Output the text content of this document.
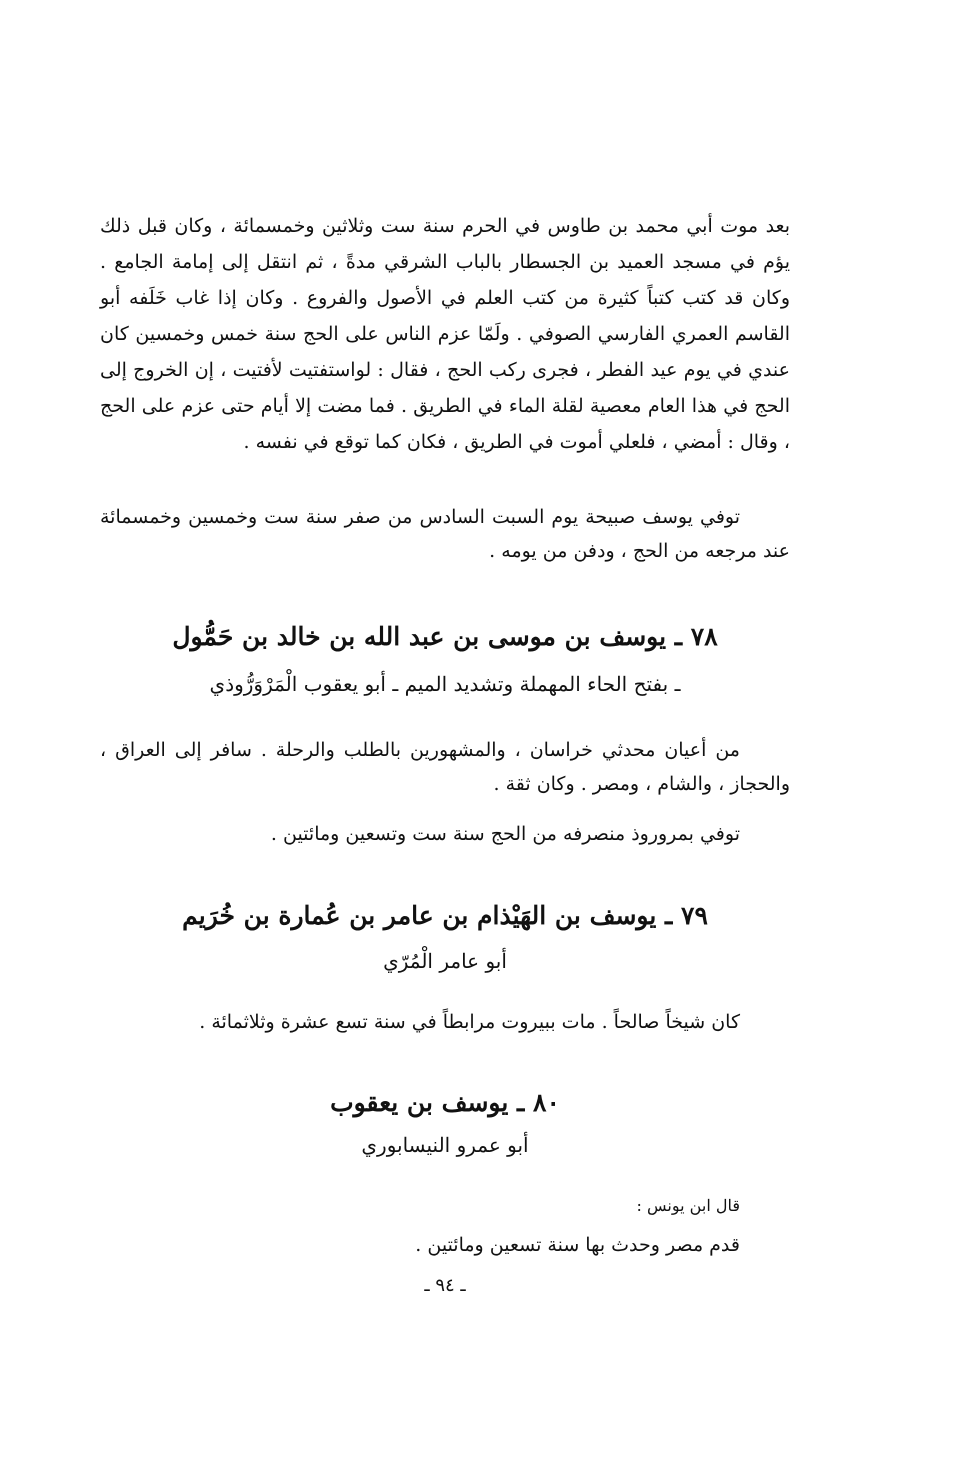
بعد موت أبي محمد بن طاوس في الحرم سنة ست وثلاثين وخمسمائة ، وكان قبل ذلك يؤم في مسجد العميد بن الجسطار بالباب الشرقي مدةً ، ثم انتقل إلى إمامة الجامع . وكان قد كتب كتباً كثيرة من كتب العلم في الأصول والفروع . وكان إذا غاب خَلَفه أبو القاسم العمري الفارسي الصوفي . ولَمّا عزم الناس على الحج سنة خمس وخمسين كان عندي في يوم عيد الفطر ، فجرى ركب الحج ، فقال : لواستفتيت لأفتيت ، إن الخروج إلى الحج في هذا العام معصية لقلة الماء في الطريق . فما مضت إلا أيام حتى عزم على الحج ، وقال : أمضي ، فلعلي أموت في الطريق ، فكان كما توقع في نفسه .

توفي يوسف صبيحة يوم السبت السادس من صفر سنة ست وخمسين وخمسمائة عند مرجعه من الحج ، ودفن من يومه .

٧٨ ـ يوسف بن موسى بن عبد الله بن خالد بن حَمُّول
ـ بفتح الحاء المهملة وتشديد الميم ـ أبو يعقوب الْمَرْوَرُّوذي

من أعيان محدثي خراسان ، والمشهورين بالطلب والرحلة . سافر إلى العراق ، والحجاز ، والشام ، ومصر . وكان ثقة .

توفي بمروروذ منصرفه من الحج سنة ست وتسعين ومائتين .

٧٩ ـ يوسف بن الهَيْذام بن عامر بن عُمارة بن خُرَيم
أبو عامر الْمُرّي

كان شيخاً صالحاً . مات ببيروت مرابطاً في سنة تسع عشرة وثلاثمائة .

٨٠ ـ يوسف بن يعقوب
أبو عمرو النيسابوري

قال ابن يونس :

قدم مصر وحدث بها سنة تسعين ومائتين .

ـ ٩٤ ـ
